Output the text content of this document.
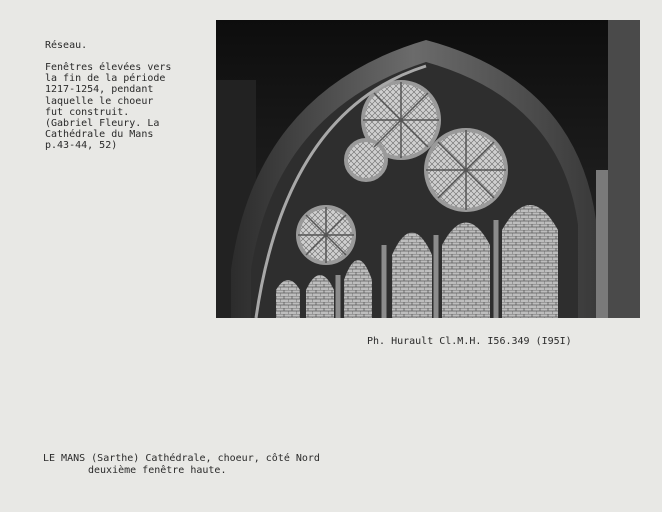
Réseau.
Fenêtres élevées vers
la fin de la période
1217-1254, pendant
laquelle le choeur
fut construit.
(Gabriel Fleury. La
Cathédrale du Mans
p.43-44, 52)
Ph. Hurault Cl.M.H. I56.349 (I95I)
LE MANS (Sarthe) Cathédrale, choeur, côté Nord
deuxième fenêtre haute.
